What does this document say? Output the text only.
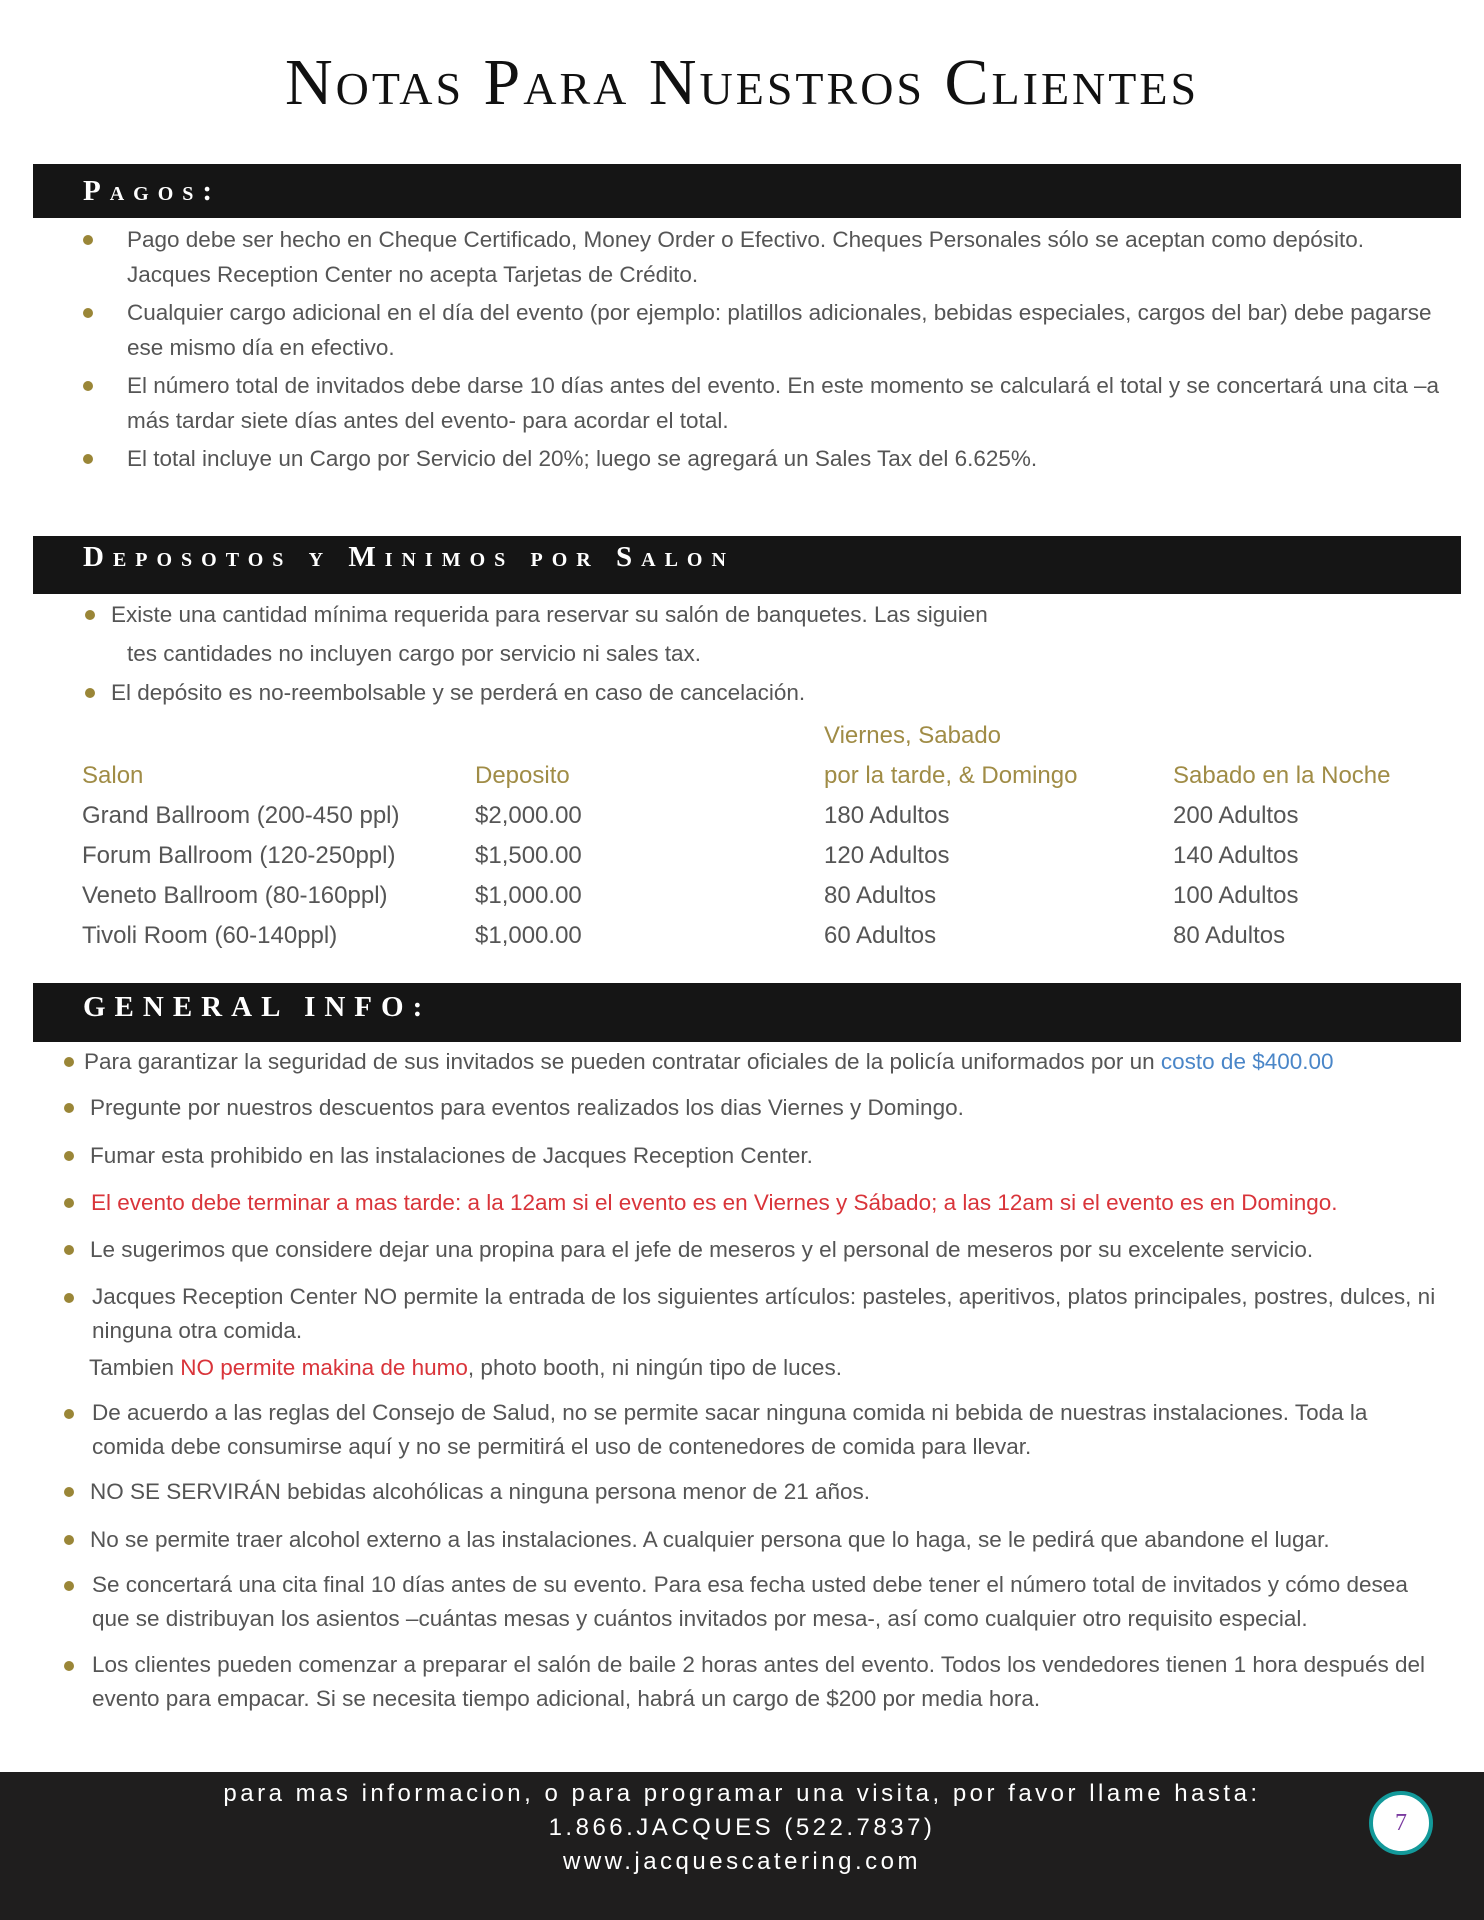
Notas Para Nuestros Clientes
Pagos:
Pago debe ser hecho en Cheque Certificado, Money Order o Efectivo. Cheques Personales sólo se aceptan como depósito. Jacques Reception Center no acepta Tarjetas de Crédito.
Cualquier cargo adicional en el día del evento (por ejemplo: platillos adicionales, bebidas especiales, cargos del bar) debe pagarse ese mismo día en efectivo.
El número total de invitados debe darse 10 días antes del evento. En este momento se calculará el total y se concertará una cita –a más tardar siete días antes del evento- para acordar el total.
El total incluye un Cargo por Servicio del 20%; luego se agregará un Sales Tax del 6.625%.
Deposotos y Minimos por Salon
Existe una cantidad mínima requerida para reservar su salón de banquetes. Las siguien
tes cantidades no incluyen cargo por servicio ni sales tax.
El depósito es no-reembolsable y se perderá en caso de cancelación.
Viernes, Sabado
Salon	Deposito	por la tarde, & Domingo	Sabado en la Noche
Grand Ballroom (200-450 ppl)	$2,000.00	180 Adultos	200 Adultos
Forum Ballroom (120-250ppl)	$1,500.00	120 Adultos	140 Adultos
Veneto Ballroom (80-160ppl)	$1,000.00	80 Adultos	100 Adultos
Tivoli Room (60-140ppl)	$1,000.00	60 Adultos	80 Adultos
GENERAL INFO:
Para garantizar la seguridad de sus invitados se pueden contratar oficiales de la policía uniformados por un costo de $400.00
Pregunte por nuestros descuentos para eventos realizados los dias Viernes y Domingo.
Fumar esta prohibido en las instalaciones de Jacques Reception Center.
El evento debe terminar a mas tarde: a la 12am si el evento es en Viernes y Sábado; a las 12am si el evento es en Domingo.
Le sugerimos que considere dejar una propina para el jefe de meseros y el personal de meseros por su excelente servicio.
Jacques Reception Center NO permite la entrada de los siguientes artículos: pasteles, aperitivos, platos principales, postres, dulces, ni ninguna otra comida.
Tambien NO permite makina de humo, photo booth, ni ningún tipo de luces.
De acuerdo a las reglas del Consejo de Salud, no se permite sacar ninguna comida ni bebida de nuestras instalaciones. Toda la comida debe consumirse aquí y no se permitirá el uso de contenedores de comida para llevar.
NO SE SERVIRÁN bebidas alcohólicas a ninguna persona menor de 21 años.
No se permite traer alcohol externo a las instalaciones. A cualquier persona que lo haga, se le pedirá que abandone el lugar.
Se concertará una cita final 10 días antes de su evento. Para esa fecha usted debe tener el número total de invitados y cómo desea que se distribuyan los asientos –cuántas mesas y cuántos invitados por mesa-, así como cualquier otro requisito especial.
Los clientes pueden comenzar a preparar el salón de baile 2 horas antes del evento. Todos los vendedores tienen 1 hora después del evento para empacar. Si se necesita tiempo adicional, habrá un cargo de $200 por media hora.
para mas informacion, o para programar una visita, por favor llame hasta:
1.866.JACQUES (522.7837)
www.jacquescatering.com
7
